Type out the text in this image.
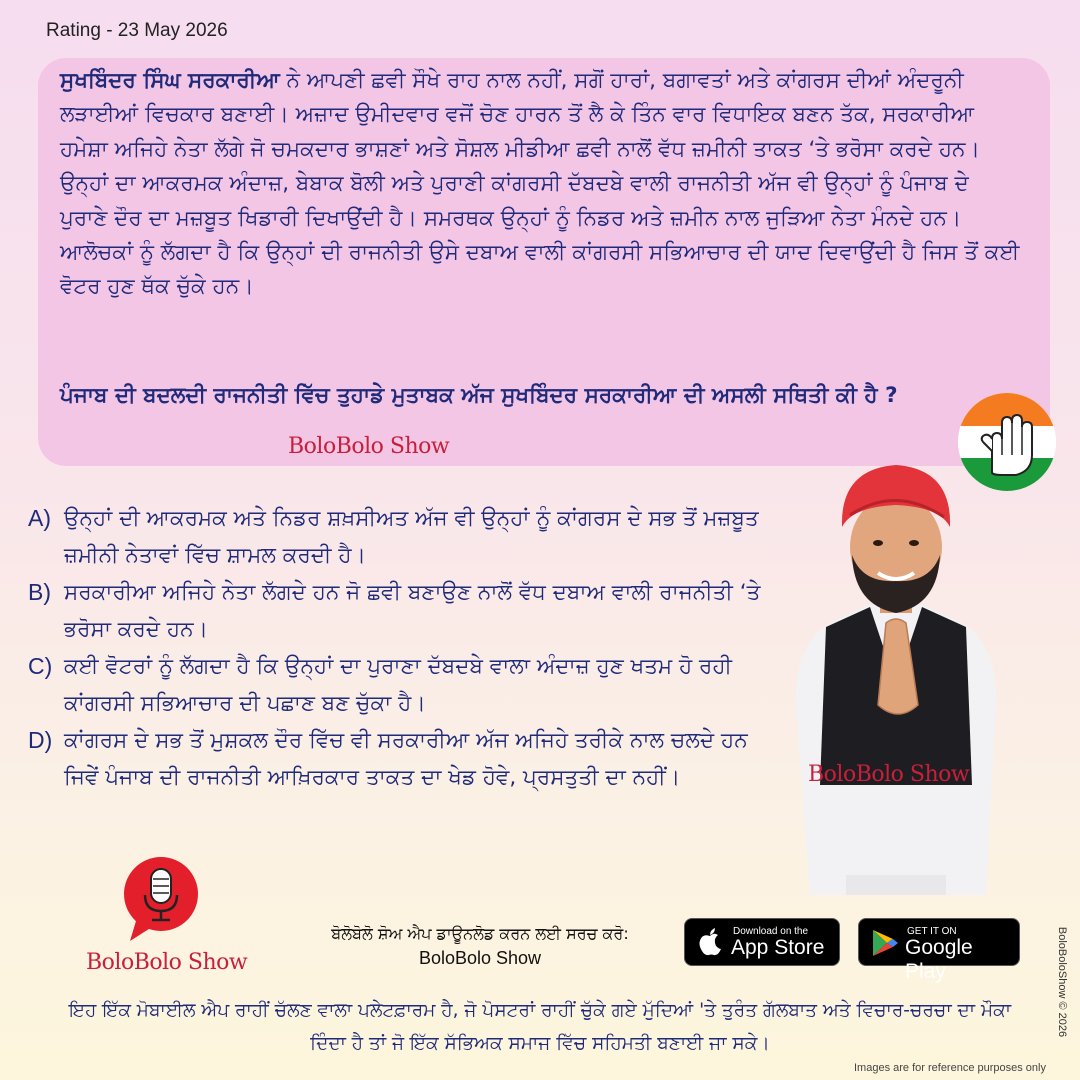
Rating - 23 May 2026

ਸੁਖਬਿੰਦਰ ਸਿੰਘ ਸਰਕਾਰੀਆ ਨੇ ਆਪਣੀ ਛਵੀ ਸੌਖੇ ਰਾਹ ਨਾਲ ਨਹੀਂ, ਸਗੋਂ ਹਾਰਾਂ, ਬਗਾਵਤਾਂ ਅਤੇ ਕਾਂਗਰਸ ਦੀਆਂ ਅੰਦਰੂਨੀ ਲੜਾਈਆਂ ਵਿਚਕਾਰ ਬਣਾਈ। ਅਜ਼ਾਦ ਉਮੀਦਵਾਰ ਵਜੋਂ ਚੋਣ ਹਾਰਨ ਤੋਂ ਲੈ ਕੇ ਤਿੰਨ ਵਾਰ ਵਿਧਾਇਕ ਬਣਨ ਤੱਕ, ਸਰਕਾਰੀਆ ਹਮੇਸ਼ਾ ਅਜਿਹੇ ਨੇਤਾ ਲੱਗੇ ਜੋ ਚਮਕਦਾਰ ਭਾਸ਼ਣਾਂ ਅਤੇ ਸੋਸ਼ਲ ਮੀਡੀਆ ਛਵੀ ਨਾਲੋਂ ਵੱਧ ਜ਼ਮੀਨੀ ਤਾਕਤ ‘ਤੇ ਭਰੋਸਾ ਕਰਦੇ ਹਨ। ਉਨ੍ਹਾਂ ਦਾ ਆਕਰਮਕ ਅੰਦਾਜ਼, ਬੇਬਾਕ ਬੋਲੀ ਅਤੇ ਪੁਰਾਣੀ ਕਾਂਗਰਸੀ ਦੱਬਦਬੇ ਵਾਲੀ ਰਾਜਨੀਤੀ ਅੱਜ ਵੀ ਉਨ੍ਹਾਂ ਨੂੰ ਪੰਜਾਬ ਦੇ ਪੁਰਾਣੇ ਦੌਰ ਦਾ ਮਜ਼ਬੂਤ ਖਿਡਾਰੀ ਦਿਖਾਉਂਦੀ ਹੈ। ਸਮਰਥਕ ਉਨ੍ਹਾਂ ਨੂੰ ਨਿਡਰ ਅਤੇ ਜ਼ਮੀਨ ਨਾਲ ਜੁੜਿਆ ਨੇਤਾ ਮੰਨਦੇ ਹਨ। ਆਲੋਚਕਾਂ ਨੂੰ ਲੱਗਦਾ ਹੈ ਕਿ ਉਨ੍ਹਾਂ ਦੀ ਰਾਜਨੀਤੀ ਉਸੇ ਦਬਾਅ ਵਾਲੀ ਕਾਂਗਰਸੀ ਸਭਿਆਚਾਰ ਦੀ ਯਾਦ ਦਿਵਾਉਂਦੀ ਹੈ ਜਿਸ ਤੋਂ ਕਈ ਵੋਟਰ ਹੁਣ ਥੱਕ ਚੁੱਕੇ ਹਨ।

ਪੰਜਾਬ ਦੀ ਬਦਲਦੀ ਰਾਜਨੀਤੀ ਵਿੱਚ ਤੁਹਾਡੇ ਮੁਤਾਬਕ ਅੱਜ ਸੁਖਬਿੰਦਰ ਸਰਕਾਰੀਆ ਦੀ ਅਸਲੀ ਸਥਿਤੀ ਕੀ ਹੈ ?

BoloBolo Show
A) ਉਨ੍ਹਾਂ ਦੀ ਆਕਰਮਕ ਅਤੇ ਨਿਡਰ ਸ਼ਖ਼ਸੀਅਤ ਅੱਜ ਵੀ ਉਨ੍ਹਾਂ ਨੂੰ ਕਾਂਗਰਸ ਦੇ ਸਭ ਤੋਂ ਮਜ਼ਬੂਤ ਜ਼ਮੀਨੀ ਨੇਤਾਵਾਂ ਵਿੱਚ ਸ਼ਾਮਲ ਕਰਦੀ ਹੈ।
B) ਸਰਕਾਰੀਆ ਅਜਿਹੇ ਨੇਤਾ ਲੱਗਦੇ ਹਨ ਜੋ ਛਵੀ ਬਣਾਉਣ ਨਾਲੋਂ ਵੱਧ ਦਬਾਅ ਵਾਲੀ ਰਾਜਨੀਤੀ ‘ਤੇ ਭਰੋਸਾ ਕਰਦੇ ਹਨ।
C) ਕਈ ਵੋਟਰਾਂ ਨੂੰ ਲੱਗਦਾ ਹੈ ਕਿ ਉਨ੍ਹਾਂ ਦਾ ਪੁਰਾਣਾ ਦੱਬਦਬੇ ਵਾਲਾ ਅੰਦਾਜ਼ ਹੁਣ ਖਤਮ ਹੋ ਰਹੀ ਕਾਂਗਰਸੀ ਸਭਿਆਚਾਰ ਦੀ ਪਛਾਣ ਬਣ ਚੁੱਕਾ ਹੈ।
D) ਕਾਂਗਰਸ ਦੇ ਸਭ ਤੋਂ ਮੁਸ਼ਕਲ ਦੌਰ ਵਿੱਚ ਵੀ ਸਰਕਾਰੀਆ ਅੱਜ ਅਜਿਹੇ ਤਰੀਕੇ ਨਾਲ ਚਲਦੇ ਹਨ ਜਿਵੇਂ ਪੰਜਾਬ ਦੀ ਰਾਜਨੀਤੀ ਆਖ਼ਿਰਕਾਰ ਤਾਕਤ ਦਾ ਖੇਡ ਹੋਵੇ, ਪ੍ਰਸਤੁਤੀ ਦਾ ਨਹੀਂ।	BoloBolo Show
BoloBolo Show
ਬੋਲੋਬੋਲੋ ਸ਼ੋਅ ਐਪ ਡਾਊਨਲੋਡ ਕਰਨ ਲਈ ਸਰਚ ਕਰੋ:
BoloBolo Show
Download on the
App Store
GET IT ON
Google Play

ਇਹ ਇੱਕ ਮੋਬਾਈਲ ਐਪ ਰਾਹੀਂ ਚੱਲਣ ਵਾਲਾ ਪਲੇਟਫ਼ਾਰਮ ਹੈ, ਜੋ ਪੋਸਟਰਾਂ ਰਾਹੀਂ ਚੁੱਕੇ ਗਏ ਮੁੱਦਿਆਂ 'ਤੇ ਤੁਰੰਤ ਗੱਲਬਾਤ ਅਤੇ ਵਿਚਾਰ-ਚਰਚਾ ਦਾ ਮੌਕਾ ਦਿੰਦਾ ਹੈ ਤਾਂ ਜੋ ਇੱਕ ਸੱਭਿਅਕ ਸਮਾਜ ਵਿੱਚ ਸਹਿਮਤੀ ਬਣਾਈ ਜਾ ਸਕੇ।

BoloBoloShow © 2026
Images are for reference purposes only
